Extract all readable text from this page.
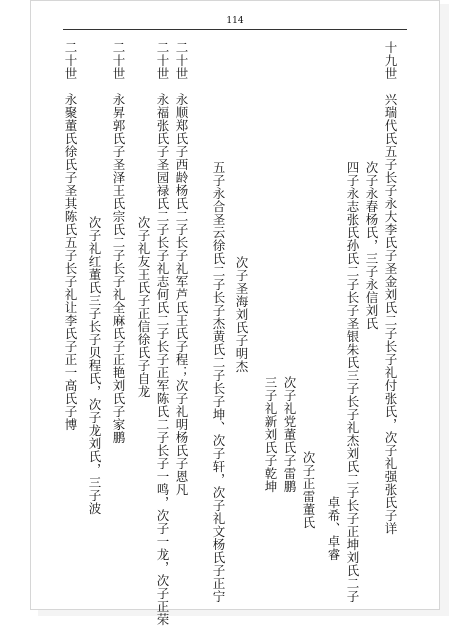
114
十九世　兴瑞代氏五子长子永大李氏子圣金刘氏二子长子礼付张氏，次子礼强张氏子详
次子永春杨氏，三子永信刘氏
四子永志张氏孙氏二子长子圣银朱氏三子长子礼杰刘氏二子长子正坤刘氏二子
卓希、卓睿
次子正雷董氏
次子礼党董氏子雷鹏
三子礼新刘氏子乾坤
次子圣海刘氏子明杰
五子永合圣云徐氏二子长子杰黄氏二子长子坤、次子轩，次子礼文杨氏子正宁
二十世　永顺郑氏子西龄杨氏二子长子礼军芦氏王氏子程；次子礼明杨氏子恩凡
二十世　永福张氏子圣园禄氏二子长子礼志何氏二子长子正军陈氏二子长子一鸣，次子一龙，次子正荣
次子礼友王氏子正信徐氏子自龙
二十世　永昇郭氏子圣泽王氏宗氏二子长子礼全麻氏子正艳刘氏子家鹏
次子礼红董氏三子长子贝程氏，次子龙刘氏，三子波
二十世　永聚董氏徐氏子圣其陈氏五子长子礼让李氏子正一高氏子博
